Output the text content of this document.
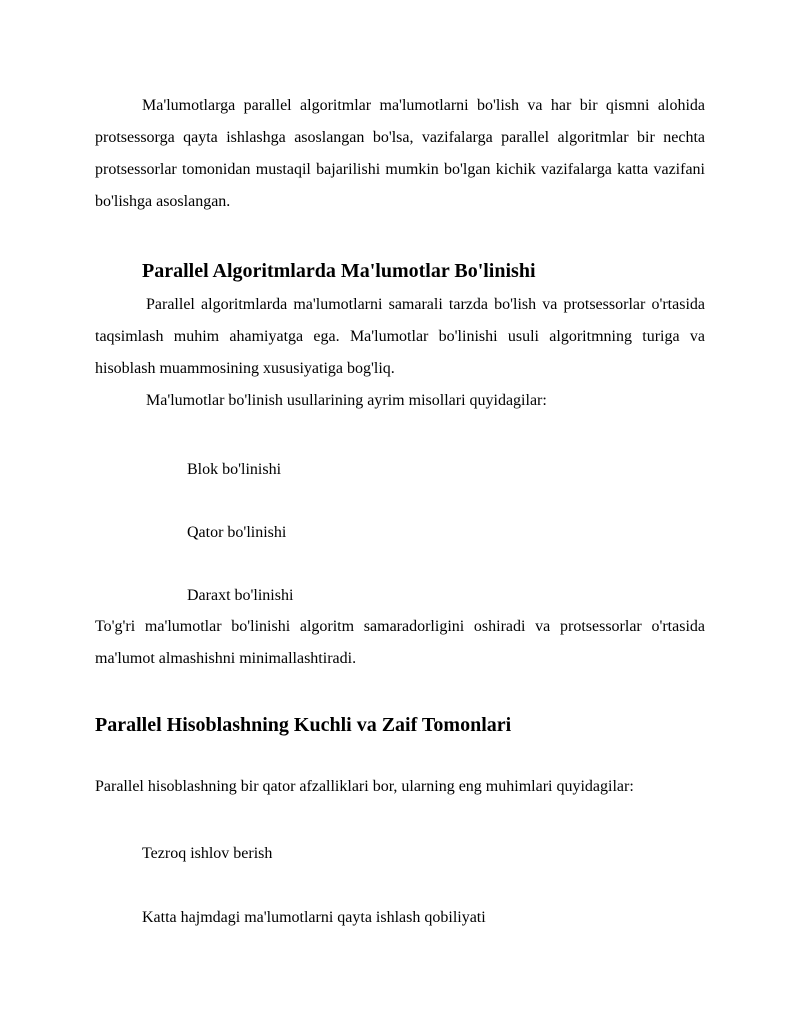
Ma'lumotlarga parallel algoritmlar ma'lumotlarni bo'lish va har bir qismni alohida protsessorga qayta ishlashga asoslangan bo'lsa, vazifalarga parallel algoritmlar bir nechta protsessorlar tomonidan mustaqil bajarilishi mumkin bo'lgan kichik vazifalarga katta vazifani bo'lishga asoslangan.

Parallel Algoritmlarda Ma'lumotlar Bo'linishi

Parallel algoritmlarda ma'lumotlarni samarali tarzda bo'lish va protsessorlar o'rtasida taqsimlash muhim ahamiyatga ega. Ma'lumotlar bo'linishi usuli algoritmning turiga va hisoblash muammosining xususiyatiga bog'liq.

Ma'lumotlar bo'linish usullarining ayrim misollari quyidagilar:

Blok bo'linishi
Qator bo'linishi
Daraxt bo'linishi

To'g'ri ma'lumotlar bo'linishi algoritm samaradorligini oshiradi va protsessorlar o'rtasida ma'lumot almashishni minimallashtiradi.

Parallel Hisoblashning Kuchli va Zaif Tomonlari

Parallel hisoblashning bir qator afzalliklari bor, ularning eng muhimlari quyidagilar:

Tezroq ishlov berish
Katta hajmdagi ma'lumotlarni qayta ishlash qobiliyati
